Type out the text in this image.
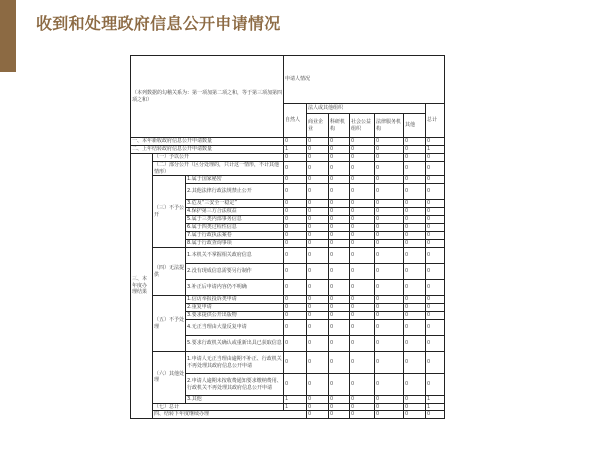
收到和处理政府信息公开申请情况
（本列数据的勾稽关系为：第一项加第二项之和，等于第三项加第四项之和）			申请人情况							
			自然人	法人或其他组织					总计	
				商业企业	科研机构	社会公益组织	法律服务机构	其他		
一、本年新收政府信息公开申请数量			0	0	0	0	0	0	0	
二、上年结转政府信息公开申请数量			1	0	0	0	0	0	1	
三、本年度办理结果	（一）予以公开		0	0	0	0	0	0	0	
	（二）部分公开（区分处理的，只计这一情形，不计其他情形）		0	0	0	0	0	0	0	
	（三）不予公开	1.属于国家秘密	0	0	0	0	0	0	0	
		2.其他法律行政法规禁止公开	0	0	0	0	0	0	0	
		3.危及“三安全一稳定”	0	0	0	0	0	0	0	
		4.保护第三方合法权益	0	0	0	0	0	0	0	
		5.属于三类内部事务信息	0	0	0	0	0	0	0	
		6.属于四类过程性信息	0	0	0	0	0	0	0	
		7.属于行政执法案卷	0	0	0	0	0	0	0	
		8.属于行政查询事项	0	0	0	0	0	0	0	
	（四）无法提供	1.本机关不掌握相关政府信息	0	0	0	0	0	0	0	
		2.没有现成信息需要另行制作	0	0	0	0	0	0	0	
		3.补正后申请内容仍不明确	0	0	0	0	0	0	0	
	（五）不予处理	1.信访举报投诉类申请	0	0	0	0	0	0	0	
		2.重复申请	0	0	0	0	0	0	0	
		3.要求提供公开出版物	0	0	0	0	0	0	0	
		4.无正当理由大量反复申请	0	0	0	0	0	0	0	
		5.要求行政机关确认或重新出具已获取信息	0	0	0	0	0	0	0	
	（六）其他处理	1.申请人无正当理由逾期不补正、行政机关不再处理其政府信息公开申请	0	0	0	0	0	0	0	
		2.申请人逾期未按收费通知要求缴纳费用、行政机关不再处理其政府信息公开申请	0	0	0	0	0	0	0	
		3.其他	1	0	0	0	0	0	1	
	（七）总计		1	0	0	0	0	0	1	
	四、结转下年度继续办理			0	0	0	0	0	0	
